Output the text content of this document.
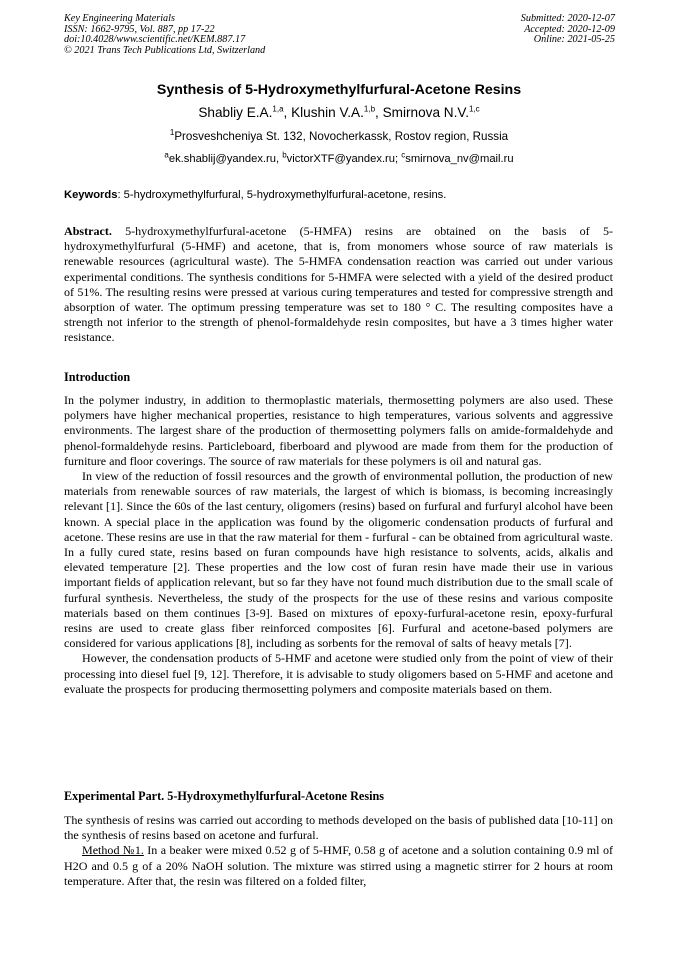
Key Engineering Materials
ISSN: 1662-9795, Vol. 887, pp 17-22
doi:10.4028/www.scientific.net/KEM.887.17
© 2021 Trans Tech Publications Ltd, Switzerland
Submitted: 2020-12-07
Accepted: 2020-12-09
Online: 2021-05-25
Synthesis of 5-Hydroxymethylfurfural-Acetone Resins
Shabliy E.A.$^{1,a}$, Klushin V.A.$^{1,b}$, Smirnova N.V.$^{1,c}$
$^1$Prosveshcheniya St. 132, Novocherkassk, Rostov region, Russia
$^a$ek.shablij@yandex.ru, $^b$victorXTF@yandex.ru; $^c$smirnova_nv@mail.ru
Keywords: 5-hydroxymethylfurfural, 5-hydroxymethylfurfural-acetone, resins.

Abstract. 5-hydroxymethylfurfural-acetone (5-HMFA) resins are obtained on the basis of 5-hydroxymethylfurfural (5-HMF) and acetone, that is, from monomers whose source of raw materials is renewable resources (agricultural waste). The 5-HMFA condensation reaction was carried out under various experimental conditions. The synthesis conditions for 5-HMFA were selected with a yield of the desired product of 51%. The resulting resins were pressed at various curing temperatures and tested for compressive strength and absorption of water. The optimum pressing temperature was set to 180 ° C. The resulting composites have a strength not inferior to the strength of phenol-formaldehyde resin composites, but have a 3 times higher water resistance.

Introduction

In the polymer industry, in addition to thermoplastic materials, thermosetting polymers are also used. These polymers have higher mechanical properties, resistance to high temperatures, various solvents and aggressive environments. The largest share of the production of thermosetting polymers falls on amide-formaldehyde and phenol-formaldehyde resins. Particleboard, fiberboard and plywood are made from them for the production of furniture and floor coverings. The source of raw materials for these polymers is oil and natural gas.

In view of the reduction of fossil resources and the growth of environmental pollution, the production of new materials from renewable sources of raw materials, the largest of which is biomass, is becoming increasingly relevant [1]. Since the 60s of the last century, oligomers (resins) based on furfural and furfuryl alcohol have been known. A special place in the application was found by the oligomeric condensation products of furfural and acetone. These resins are use in that the raw material for them - furfural - can be obtained from agricultural waste. In a fully cured state, resins based on furan compounds have high resistance to solvents, acids, alkalis and elevated temperature [2]. These properties and the low cost of furan resin have made their use in various important fields of application relevant, but so far they have not found much distribution due to the small scale of furfural synthesis. Nevertheless, the study of the prospects for the use of these resins and various composite materials based on them continues [3-9]. Based on mixtures of epoxy-furfural-acetone resin, epoxy-furfural resins are used to create glass fiber reinforced composites [6]. Furfural and acetone-based polymers are considered for various applications [8], including as sorbents for the removal of salts of heavy metals [7].

However, the condensation products of 5-HMF and acetone were studied only from the point of view of their processing into diesel fuel [9, 12]. Therefore, it is advisable to study oligomers based on 5-HMF and acetone and evaluate the prospects for producing thermosetting polymers and composite materials based on them.

Experimental Part. 5-Hydroxymethylfurfural-Acetone Resins

The synthesis of resins was carried out according to methods developed on the basis of published data [10-11] on the synthesis of resins based on acetone and furfural.

Method №1. In a beaker were mixed 0.52 g of 5-HMF, 0.58 g of acetone and a solution containing 0.9 ml of H2O and 0.5 g of a 20% NaOH solution. The mixture was stirred using a magnetic stirrer for 2 hours at room temperature. After that, the resin was filtered on a folded filter,
